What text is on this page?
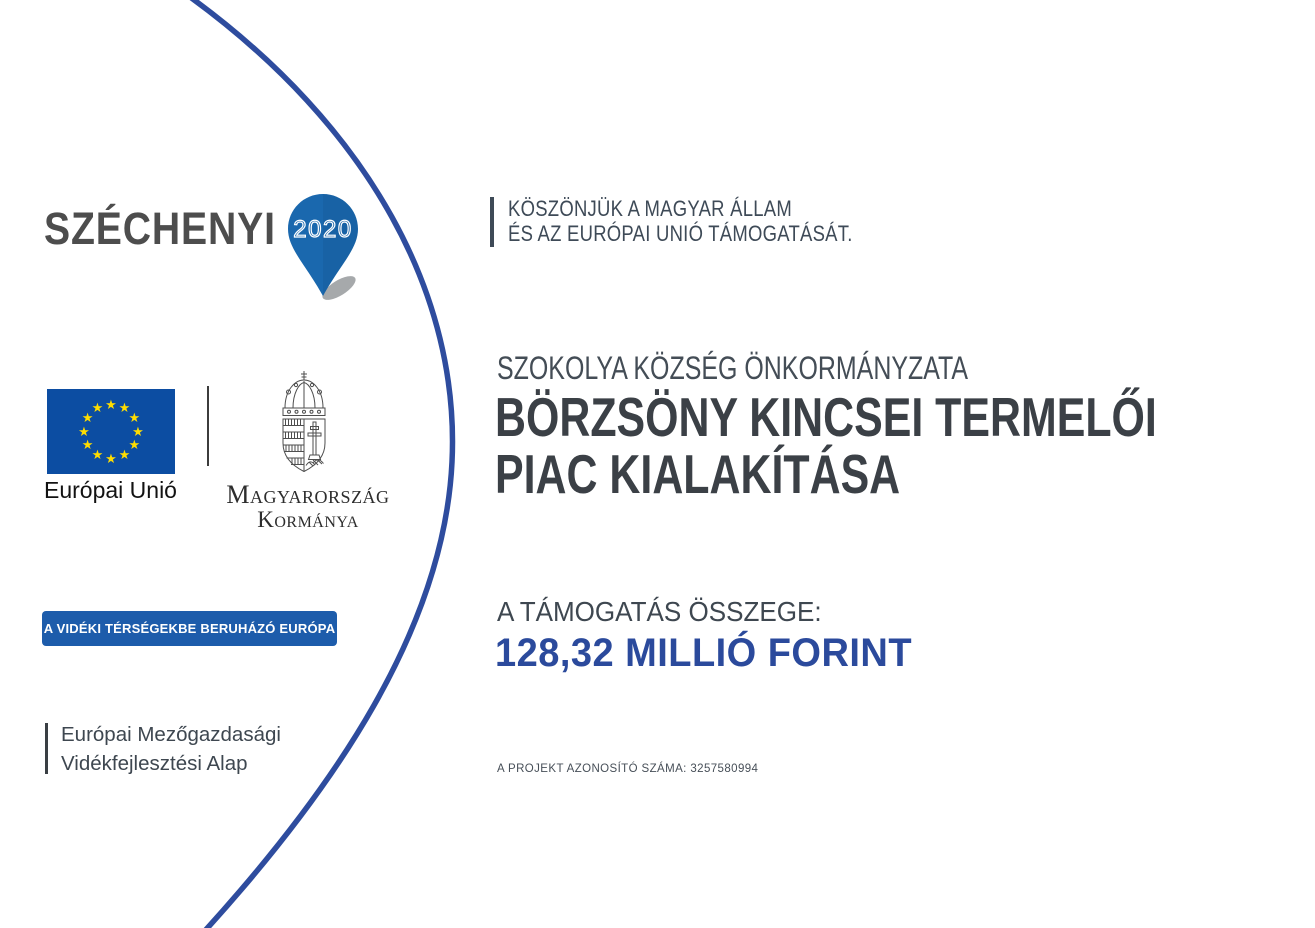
SZÉCHENYI 2020
★ ★
★
★
★
★
★
★
★
★
★
★
Európai Unió	Magyarország
Kormánya
A VIDÉKI TÉRSÉGEKBE BERUHÁZÓ EURÓPA
Európai Mezőgazdasági
Vidékfejlesztési Alap
KÖSZÖNJÜK A MAGYAR ÁLLAM
ÉS AZ EURÓPAI UNIÓ TÁMOGATÁSÁT.
SZOKOLYA KÖZSÉG ÖNKORMÁNYZATA
BÖRZSÖNY KINCSEI TERMELŐI
PIAC KIALAKÍTÁSA
A TÁMOGATÁS ÖSSZEGE:
128,32 MILLIÓ FORINT
A PROJEKT AZONOSÍTÓ SZÁMA: 3257580994
